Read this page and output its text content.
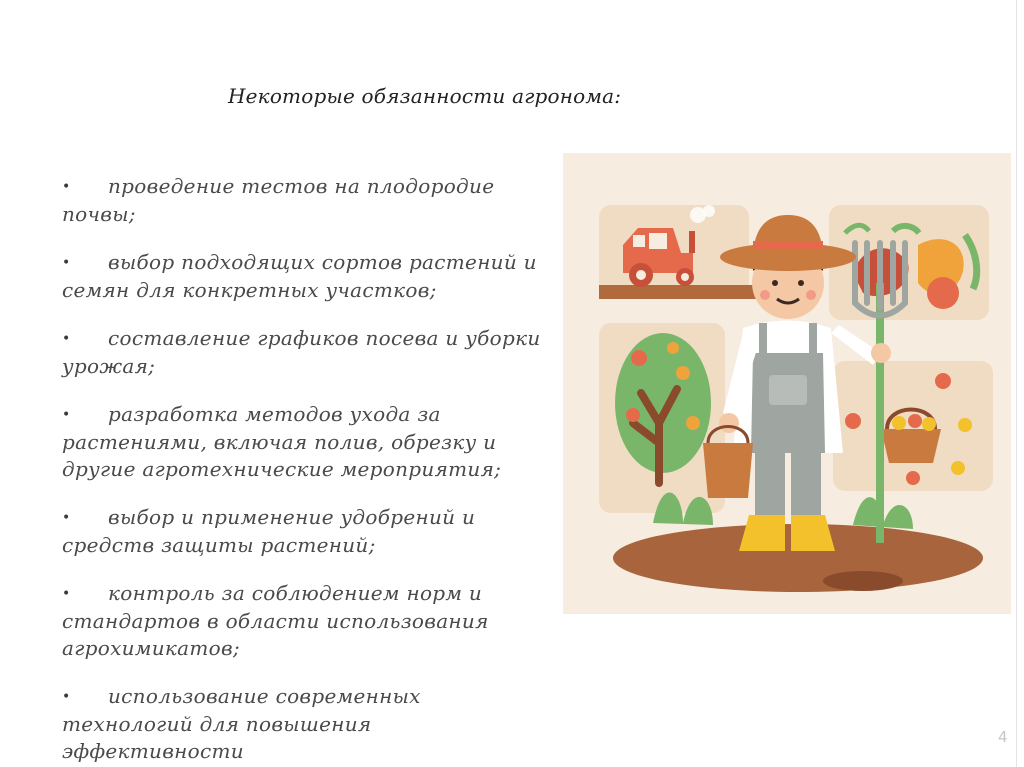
Некоторые обязанности агронома:
• проведение тестов на плодородие почвы;
• выбор подходящих сортов растений и семян для конкретных участков;
• составление графиков посева и уборки урожая;
• разработка методов ухода за растениями, включая полив, обрезку и другие агротехнические мероприятия;
• выбор и применение удобрений и средств защиты растений;
• контроль за соблюдением норм и стандартов в области использования агрохимикатов;
• использование современных технологий для повышения эффективности
4
